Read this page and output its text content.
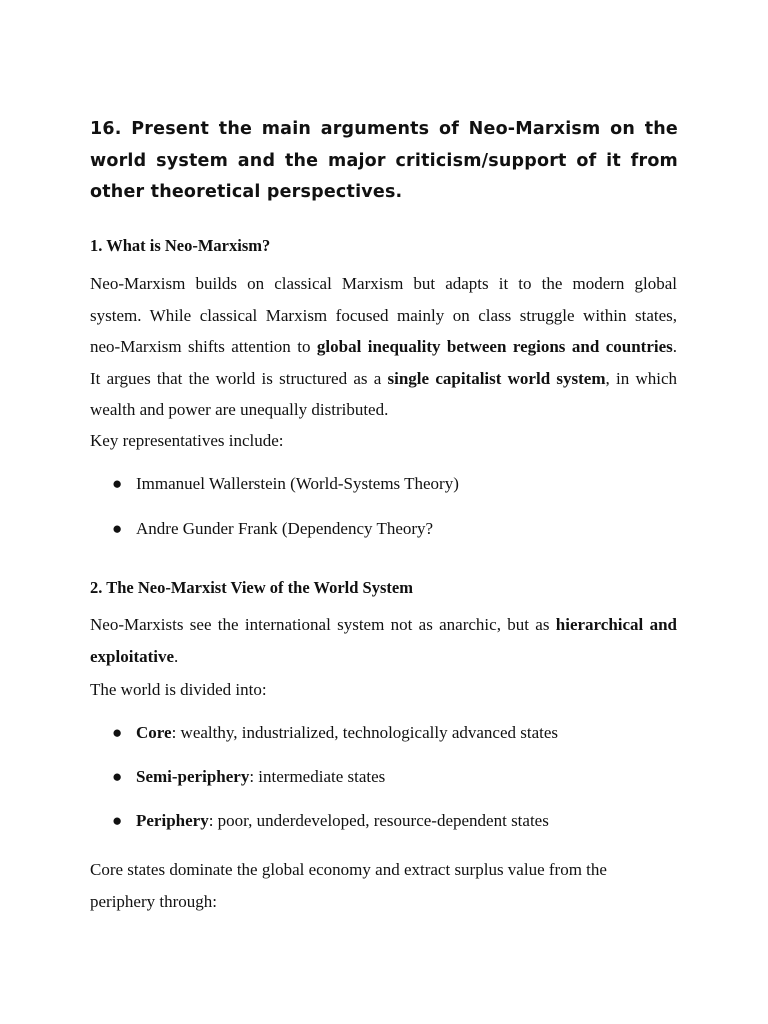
16. Present the main arguments of Neo-Marxism on the world system and the major criticism/support of it from other theoretical perspectives.
1. What is Neo-Marxism?
Neo-Marxism builds on classical Marxism but adapts it to the modern global
system. While classical Marxism focused mainly on class struggle within states,
neo-Marxism shifts attention to global inequality between regions and countries.
It argues that the world is structured as a single capitalist world system, in which
wealth and power are unequally distributed.
Key representatives include:
● Immanuel Wallerstein (World-Systems Theory)
● Andre Gunder Frank (Dependency Theory?
2. The Neo-Marxist View of the World System
Neo-Marxists see the international system not as anarchic, but as hierarchical and
exploitative.
The world is divided into:
● Core: wealthy, industrialized, technologically advanced states
● Semi-periphery: intermediate states
● Periphery: poor, underdeveloped, resource-dependent states
Core states dominate the global economy and extract surplus value from the
periphery through:
